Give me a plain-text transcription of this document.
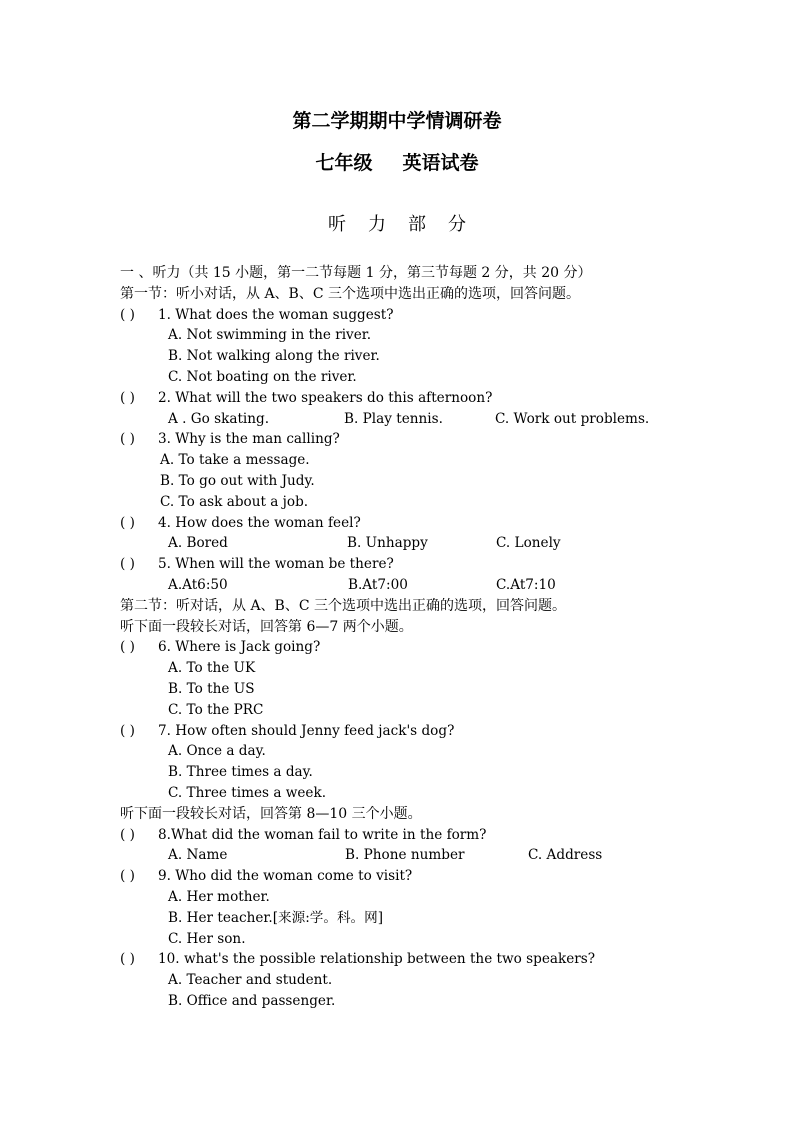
第二学期期中学情调研卷
七年级 英语试卷
听力部分
一 、听力（共 15 小题，第一二节每题 1 分，第三节每题 2 分，共 20 分）
第一节：听小对话，从 A、B、C 三个选项中选出正确的选项，回答问题。
( ) 1. What does the woman suggest?
A. Not swimming in the river.
B. Not walking along the river.
C. Not boating on the river.
( ) 2. What will the two speakers do this afternoon?
A . Go skating.	B. Play tennis.	C. Work out problems.
( ) 3. Why is the man calling?
A. To take a message.
B. To go out with Judy.
C. To ask about a job.
( ) 4. How does the woman feel?
A. Bored	B. Unhappy	C. Lonely
( ) 5. When will the woman be there?
A.At6:50	B.At7:00	C.At7:10
第二节：听对话，从 A、B、C 三个选项中选出正确的选项，回答问题。
听下面一段较长对话，回答第 6—7 两个小题。
( ) 6. Where is Jack going?
A. To the UK
B. To the US
C. To the PRC
( ) 7. How often should Jenny feed jack's dog?
A. Once a day.
B. Three times a day.
C. Three times a week.
听下面一段较长对话，回答第 8—10 三个小题。
( ) 8.What did the woman fail to write in the form?
A. Name	B. Phone number	C. Address
( ) 9. Who did the woman come to visit?
A. Her mother.
B. Her teacher.[来源:学。科。网]
C. Her son.
( ) 10. what's the possible relationship between the two speakers?
A. Teacher and student.
B. Office and passenger.
